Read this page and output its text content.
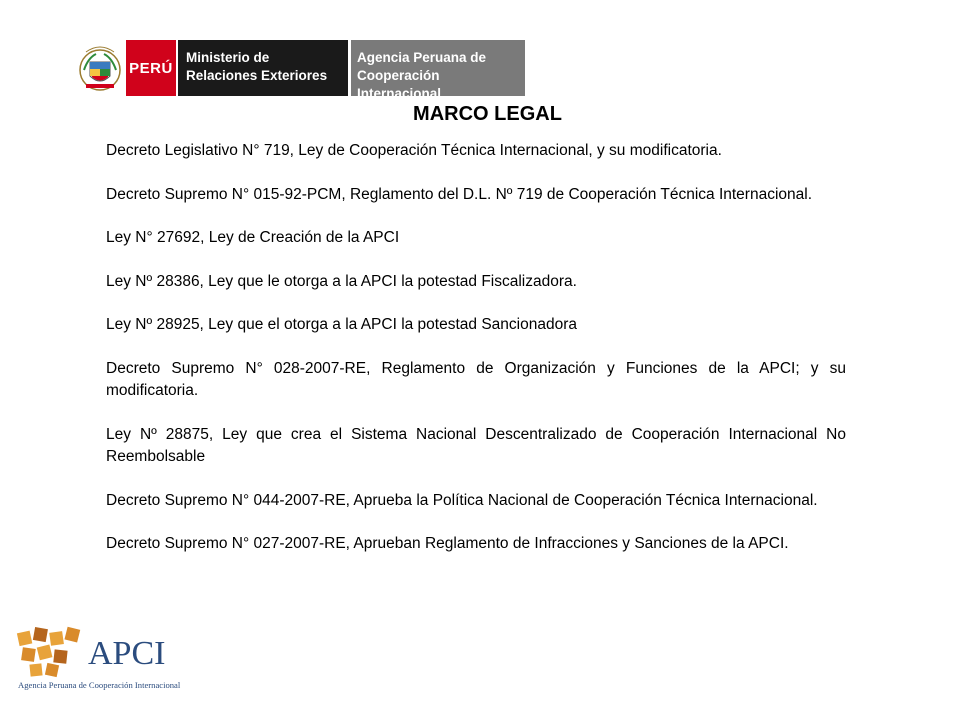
PERÚ
Ministerio de
Relaciones Exteriores
Agencia Peruana de
Cooperación Internacional
MARCO LEGAL

Decreto Legislativo N° 719, Ley de Cooperación Técnica Internacional, y su modificatoria.

Decreto Supremo N° 015-92-PCM, Reglamento del D.L. Nº 719 de Cooperación Técnica Internacional.

Ley N° 27692, Ley de Creación de la APCI

Ley Nº 28386, Ley que le otorga a la APCI la potestad Fiscalizadora.

Ley Nº 28925, Ley que el otorga a la APCI la potestad Sancionadora

Decreto Supremo N° 028-2007-RE, Reglamento de Organización y Funciones de la APCI; y su modificatoria.

Ley Nº 28875, Ley que crea el Sistema Nacional Descentralizado de Cooperación Internacional No Reembolsable

Decreto Supremo N° 044-2007-RE, Aprueba la Política Nacional de Cooperación Técnica Internacional.

Decreto Supremo N° 027-2007-RE, Aprueban Reglamento de Infracciones y Sanciones de la APCI.

APCI
Agencia Peruana de Cooperación Internacional
